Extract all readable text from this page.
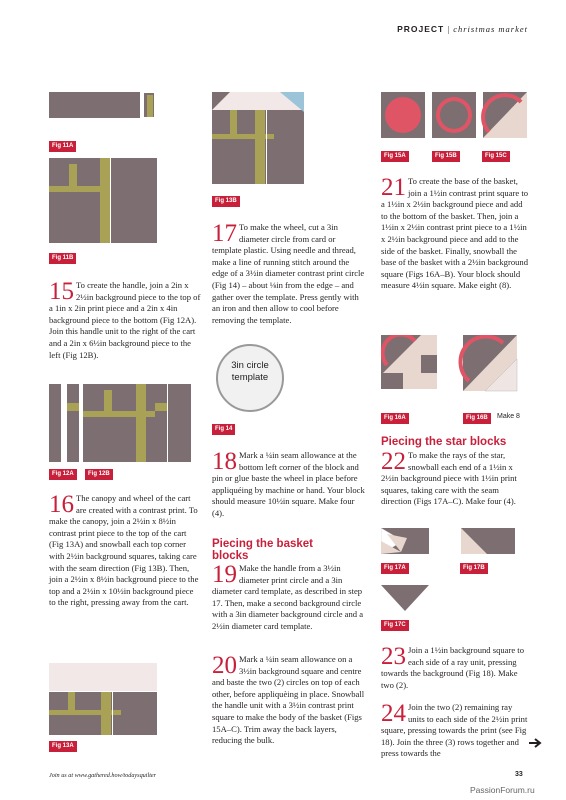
PROJECT | christmas market
Fig 11A
Fig 11B
15 To create the handle, join a 2in x 2½in background piece to the top of a 1in x 2in print piece and a 2in x 4in background piece to the bottom (Fig 12A). Join this handle unit to the right of the cart and a 2in x 6½in background piece to the left (Fig 12B).

Fig 12A	Fig 12B
16 The canopy and wheel of the cart are created with a contrast print. To make the canopy, join a 2½in x 8½in contrast print piece to the top of the cart (Fig 13A) and snowball each top corner with 2½in background squares, taking care with the seam direction (Fig 13B). Then, join a 2½in x 8½in background piece to the top and a 2½in x 10½in background piece to the right, pressing away from the cart.

Fig 13A
Fig 13B
17 To make the wheel, cut a 3in diameter circle from card or template plastic. Using needle and thread, make a line of running stitch around the edge of a 3½in diameter contrast print circle (Fig 14) – about ⅛in from the edge – and gather over the template. Press gently with an iron and then allow to cool before removing the template.

3in circle
template
Fig 14
18 Mark a ¼in seam allowance at the bottom left corner of the block and pin or glue baste the wheel in place before appliquéing by machine or hand. Your block should measure 10½in square. Make four (4).

Piecing the basket
blocks
19 Make the handle from a 3½in diameter print circle and a 3in diameter card template, as described in step 17. Then, make a second background circle with a 3in diameter background circle and a 2½in diameter card template.

20 Mark a ¼in seam allowance on a 3½in background square and centre and baste the two (2) circles on top of each other, before appliquèing in place. Snowball the handle unit with a 3½in contrast print square to make the body of the basket (Figs 15A–C). Trim away the back layers, reducing the bulk.

Fig 15A	Fig 15B	Fig 15C
21 To create the base of the basket, join a 1½in contrast print square to a 1½in x 2½in background piece and add to the bottom of the basket. Then, join a 1½in x 2½in contrast print piece to a 1½in x 2½in background piece and add to the side of the basket. Finally, snowball the base of the basket with a 2½in background square (Figs 16A–B). Your block should measure 4½in square. Make eight (8).

Fig 16A	Fig 16B	Make 8
Piecing the star blocks
22 To make the rays of the star, snowball each end of a 1½in x 2½in background piece with 1½in print squares, taking care with the seam direction (Figs 17A–C). Make four (4).

Fig 17A	Fig 17B
Fig 17C
23 Join a 1½in background square to each side of a ray unit, pressing towards the background (Fig 18). Make two (2).

24 Join the two (2) remaining ray units to each side of the 2½in print square, pressing towards the print (see Fig 18). Join the three (3) rows together and press towards the

Join us at www.gathered.how/todaysquilter	33
PassionForum.ru
